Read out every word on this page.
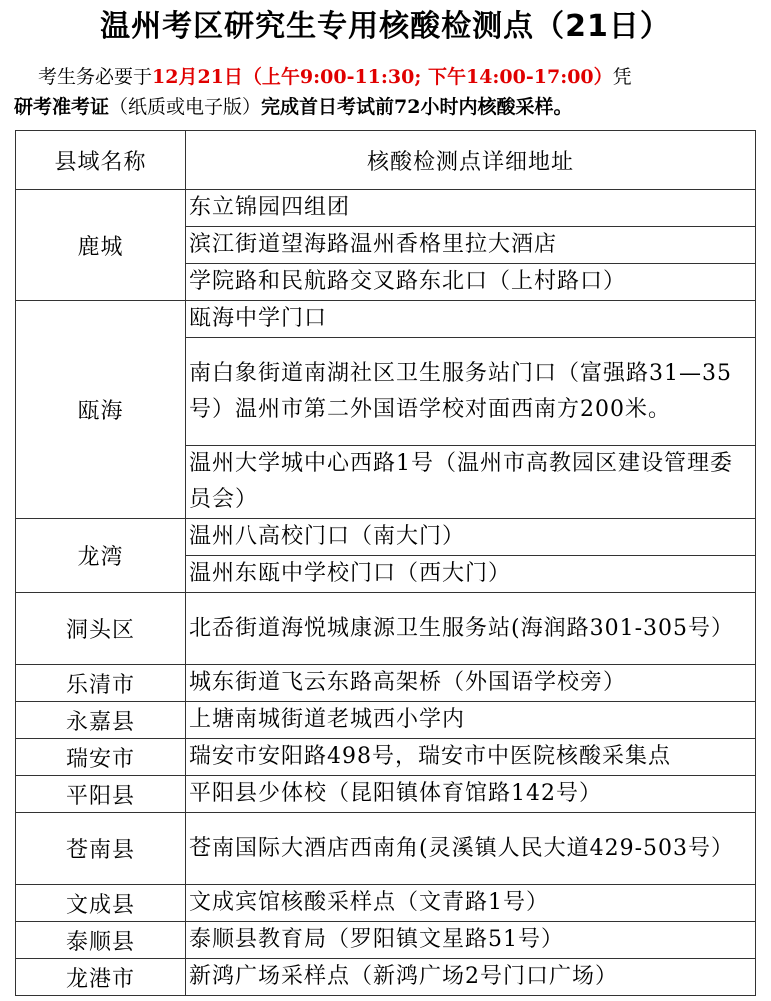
温州考区研究生专用核酸检测点（21日）
考生务必要于12月21日（上午9:00-11:30; 下午14:00-17:00）凭
研考准考证（纸质或电子版）完成首日考试前72小时内核酸采样。
县域名称	核酸检测点详细地址
鹿城	东立锦园四组团
	滨江街道望海路温州香格里拉大酒店
	学院路和民航路交叉路东北口（上村路口）
瓯海	瓯海中学门口
	南白象街道南湖社区卫生服务站门口（富强路31—35号）温州市第二外国语学校对面西南方200米。
	温州大学城中心西路1号（温州市高教园区建设管理委员会）
龙湾	温州八高校门口（南大门）
	温州东瓯中学校门口（西大门）
洞头区	北岙街道海悦城康源卫生服务站(海润路301-305号）
乐清市	城东街道飞云东路高架桥（外国语学校旁）
永嘉县	上塘南城街道老城西小学内
瑞安市	瑞安市安阳路498号，瑞安市中医院核酸采集点
平阳县	平阳县少体校（昆阳镇体育馆路142号）
苍南县	苍南国际大酒店西南角(灵溪镇人民大道429-503号）
文成县	文成宾馆核酸采样点（文青路1号）
泰顺县	泰顺县教育局（罗阳镇文星路51号）
龙港市	新鸿广场采样点（新鸿广场2号门口广场）
